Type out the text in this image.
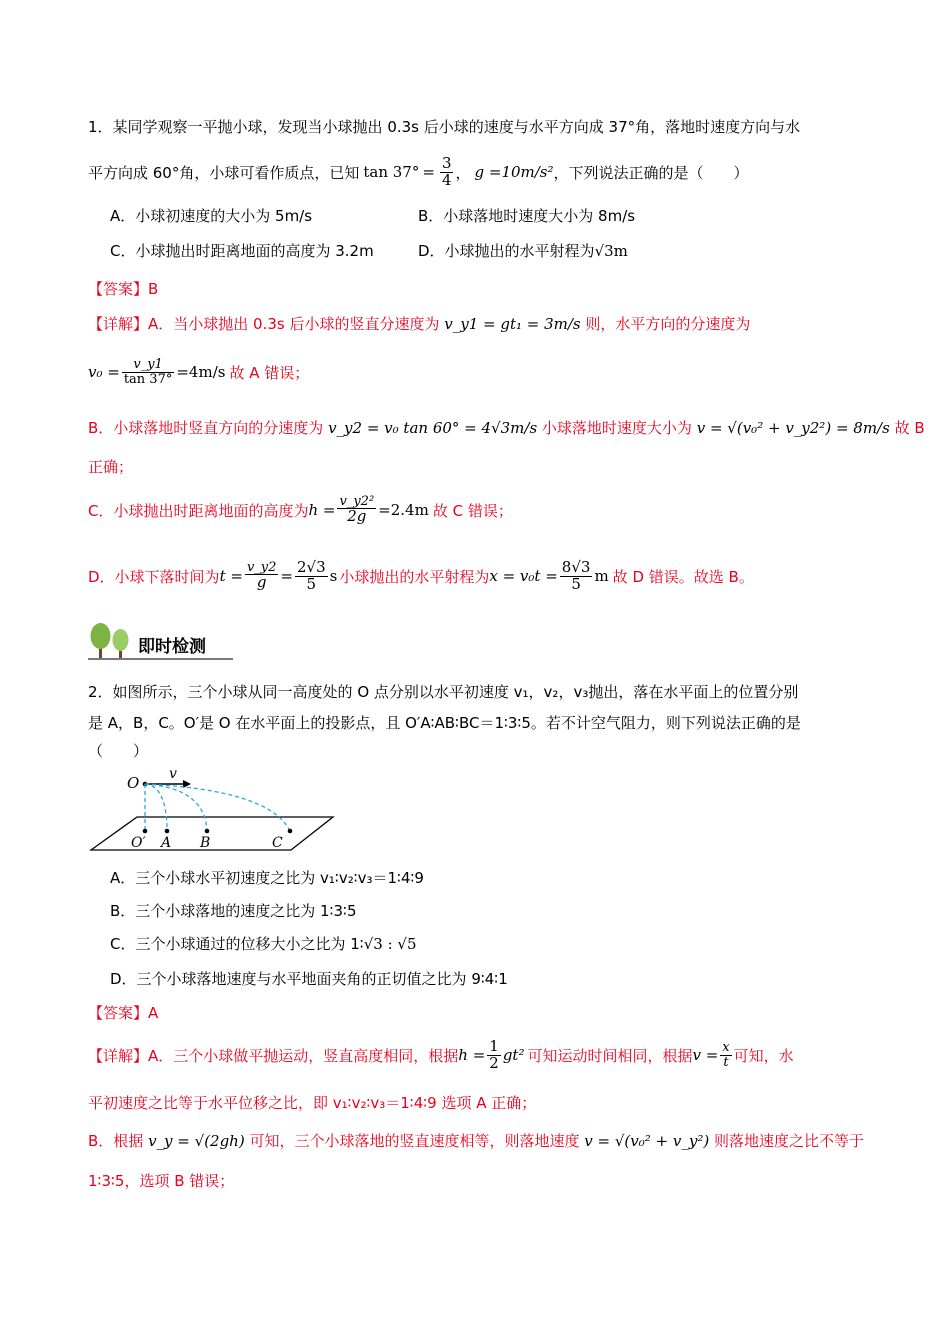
1．某同学观察一平抛小球，发现当小球抛出 0.3s 后小球的速度与水平方向成 37°角，落地时速度方向与水
平方向成 60°角，小球可看作质点，已知 $\tan 37^\circ = \frac{3}{4}$ ， g =10m/s² ，下列说法正确的是（　　）
A．小球初速度的大小为 5m/s	B．小球落地时速度大小为 8m/s
C．小球抛出时距离地面的高度为 3.2m	D．小球抛出的水平射程为√3m
【答案】B
【详解】A．当小球抛出 0.3s 后小球的竖直分速度为 v_y1 = gt₁ = 3m/s 则，水平方向的分速度为
$v_0 = \frac{v\_y1}{\tan 37^\circ} =4m/s$ 故 A 错误；
B．小球落地时竖直方向的分速度为 v_y2 = v₀ tan 60° = 4√3m/s 小球落地时速度大小为 v = √(v₀² + v_y2²) = 8m/s 故 B
正确；
C．小球抛出时距离地面的高度为 $h = \frac{\text{v\_y2²}}{2g} =2.4m$ 故 C 错误；
D．小球下落时间为 $t = \frac{v\_y2}{g} = \frac{2√3}{5}$ s 小球抛出的水平射程为 $x = v_0t = \frac{8√3}{5}$ m 故 D 错误。故选 B。
即时检测
2．如图所示，三个小球从同一高度处的 O 点分别以水平初速度 v₁，v₂，v₃抛出，落在水平面上的位置分别
是 A，B，C。O′是 O 在水平面上的投影点，且 O′A∶AB∶BC＝1∶3∶5。若不计空气阻力，则下列说法正确的是
（　　）
O v
O′ A B	C
A．三个小球水平初速度之比为 v₁∶v₂∶v₃＝1∶4∶9
B．三个小球落地的速度之比为 1∶3∶5
C．三个小球通过的位移大小之比为 1∶√3 : √5
D．三个小球落地速度与水平地面夹角的正切值之比为 9∶4∶1
【答案】A
【详解】A．三个小球做平抛运动，竖直高度相同，根据 $h = \frac{1}{2} gt^2$ 可知运动时间相同，根据 $v = \frac{x}{t}$ 可知，水
平初速度之比等于水平位移之比，即 v₁∶v₂∶v₃＝1∶4∶9 选项 A 正确；
B．根据 v_y = √(2gh) 可知，三个小球落地的竖直速度相等，则落地速度 v = √(v₀² + v_y²) 则落地速度之比不等于
1∶3∶5，选项 B 错误；
